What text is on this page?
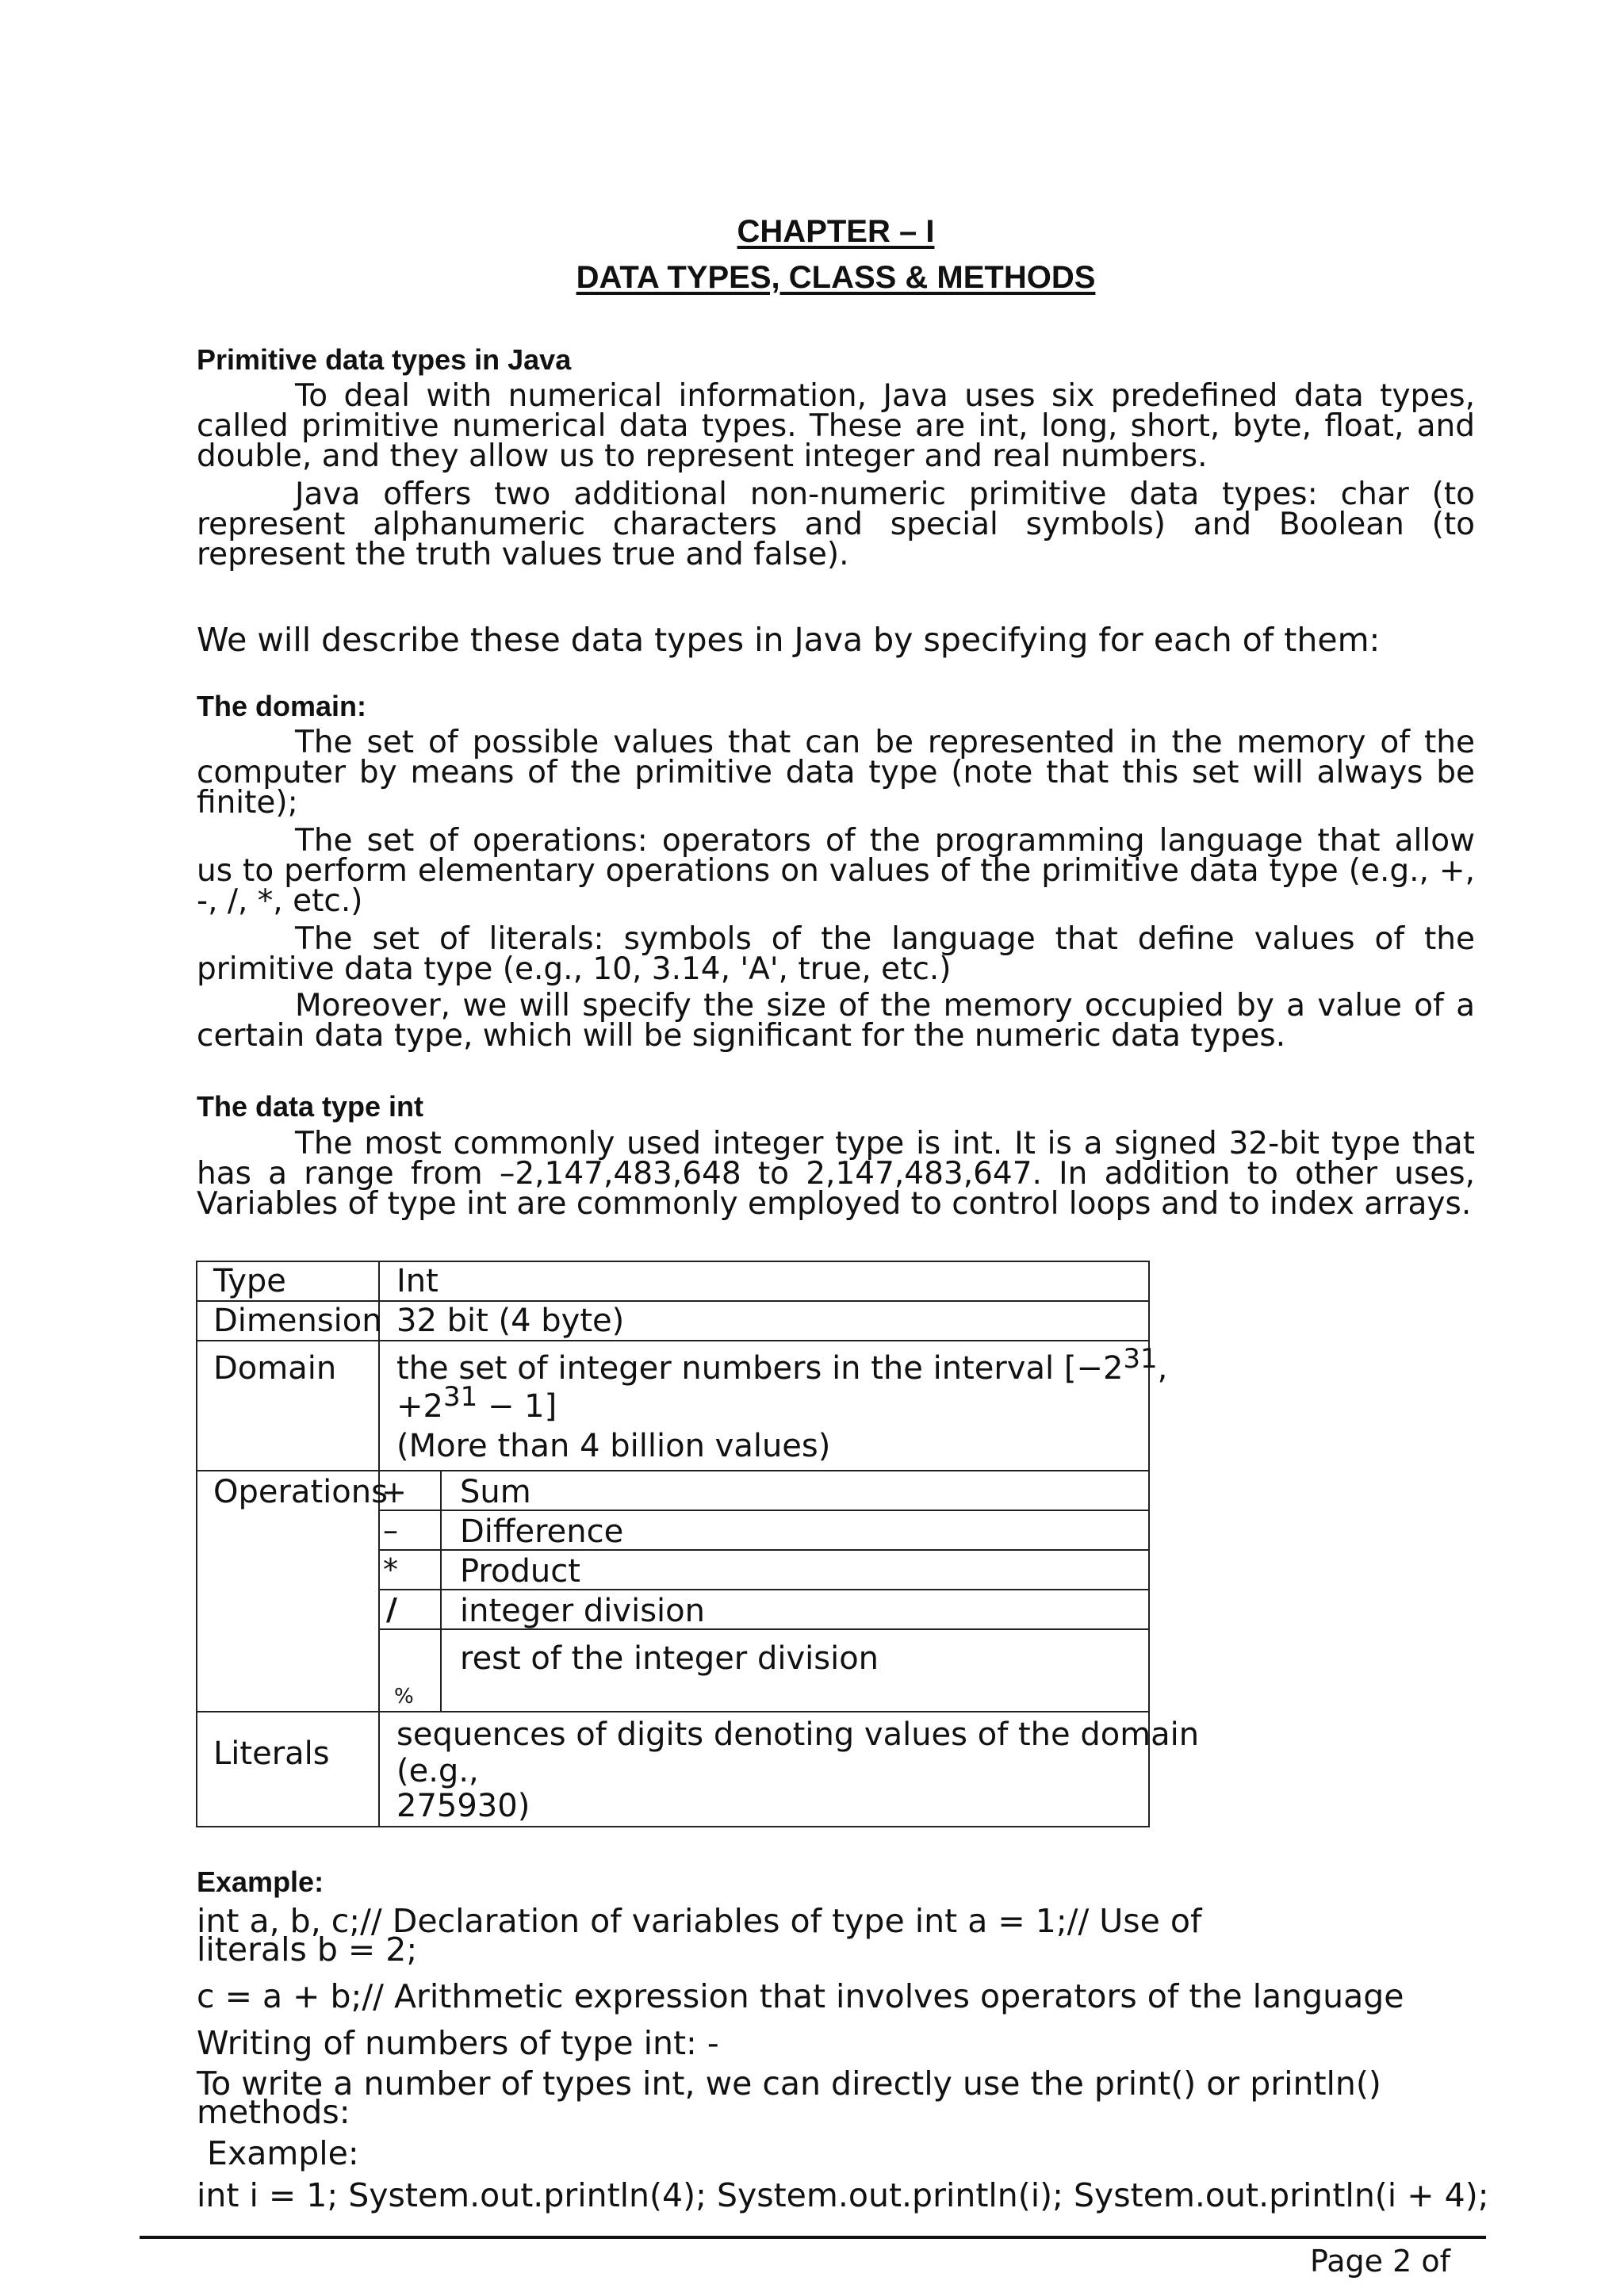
CHAPTER – I
DATA TYPES, CLASS & METHODS
Primitive data types in Java

To deal with numerical information, Java uses six predefined data types, called primitive numerical data types. These are int, long, short, byte, float, and double, and they allow us to represent integer and real numbers.

Java offers two additional non-numeric primitive data types: char (to represent alphanumeric characters and special symbols) and Boolean (to represent the truth values true and false).

We will describe these data types in Java by specifying for each of them:
The domain:

The set of possible values that can be represented in the memory of the computer by means of the primitive data type (note that this set will always be finite);

The set of operations: operators of the programming language that allow us to perform elementary operations on values of the primitive data type (e.g., +, -, /, *, etc.)

The set of literals: symbols of the language that define values of the primitive data type (e.g., 10, 3.14, 'A', true, etc.)

Moreover, we will specify the size of the memory occupied by a value of a certain data type, which will be significant for the numeric data types.

The data type int

The most commonly used integer type is int. It is a signed 32-bit type that has a range from –2,147,483,648 to 2,147,483,647. In addition to other uses, Variables of type int are commonly employed to control loops and to index arrays.

Type	Int
Dimension 32 bit (4 byte)
Domain the set of integer numbers in the interval [$-2^{31}$,
$+2^{31} - 1$]
(More than 4 billion values)
Operations
+ Sum
– Difference
* Product
/ integer division
%
rest of the integer division
Literals
sequences of digits denoting values of the domain
(e.g.,
275930)
Example:
int a, b, c;// Declaration of variables of type int a = 1;// Use of
literals b = 2;
c = a + b;// Arithmetic expression that involves operators of the language
Writing of numbers of type int: -
To write a number of types int, we can directly use the print() or println()
methods:
Example:
int i = 1; System.out.println(4); System.out.println(i); System.out.println(i + 4);
Page 2 of
